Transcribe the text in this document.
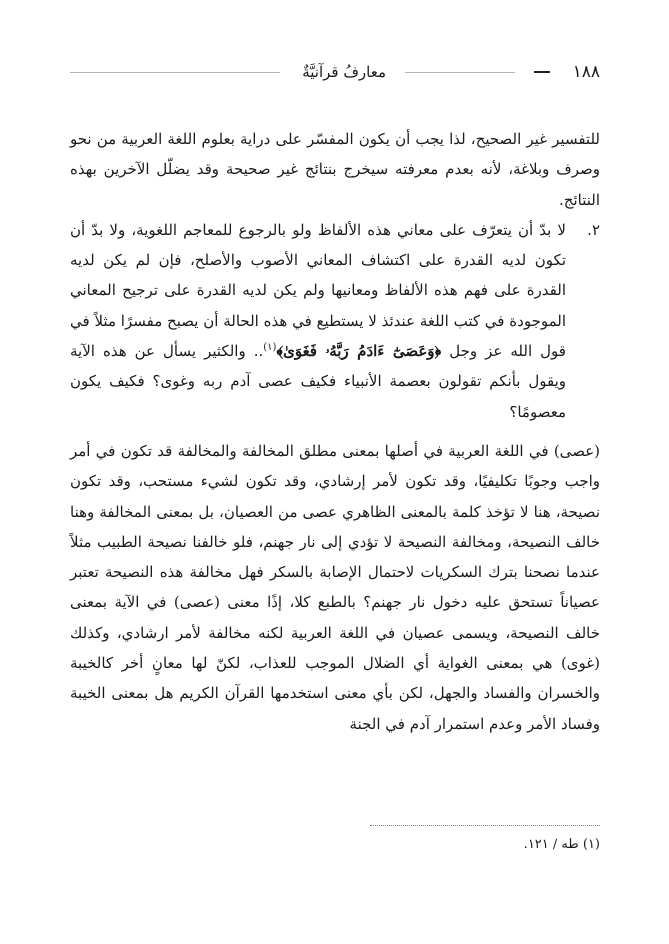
١٨٨
معارفُ قرآنيَّةٌ

للتفسير غير الصحيح، لذا يجب أن يكون المفسّر على دراية بعلوم اللغة العربية من نحو وصرف وبلاغة، لأنه بعدم معرفته سيخرج بنتائج غير صحيحة وقد يضلّل الآخرين بهذه النتائج.

٢.
لا بدّ أن يتعرّف على معاني هذه الألفاظ ولو بالرجوع للمعاجم اللغوية، ولا بدّ أن تكون لديه القدرة على اكتشاف المعاني الأصوب والأصلح، فإن لم يكن لديه القدرة على فهم هذه الألفاظ ومعانيها ولم يكن لديه القدرة على ترجيح المعاني الموجودة في كتب اللغة عندئذ لا يستطيع في هذه الحالة أن يصبح مفسرًا مثلاً في قول الله عز وجل ﴿وَعَصَىٰٓ ءَادَمُ رَبَّهُۥ فَغَوَىٰ﴾$^{(١)}$.. والكثير يسأل عن هذه الآية ويقول بأنكم تقولون بعصمة الأنبياء فكيف عصى آدم ربه وغوى؟ فكيف يكون معصومًا؟

(عصى) في اللغة العربية في أصلها بمعنى مطلق المخالفة والمخالفة قد تكون في أمر واجب وجوبًا تكليفيًا، وقد تكون لأمر إرشادي، وقد تكون لشيء مستحب، وقد تكون نصيحة، هنا لا تؤخذ كلمة بالمعنى الظاهري عصى من العصيان، بل بمعنى المخالفة وهنا خالف النصيحة، ومخالفة النصيحة لا تؤدي إلى نار جهنم، فلو خالفنا نصيحة الطبيب مثلاً عندما نصحنا بترك السكريات لاحتمال الإصابة بالسكر فهل مخالفة هذه النصيحة تعتبر عصياناً تستحق عليه دخول نار جهنم؟ بالطبع كلا، إذًا معنى (عصى) في الآية بمعنى خالف النصيحة، ويسمى عصيان في اللغة العربية لكنه مخالفة لأمر ارشادي، وكذلك (غوى) هي بمعنى الغواية أي الضلال الموجب للعذاب، لكنّ لها معانٍ أخر كالخيبة والخسران والفساد والجهل، لكن بأي معنى استخدمها القرآن الكريم هل بمعنى الخيبة وفساد الأمر وعدم استمرار آدم في الجنة

(١) طه / ١٢١.
